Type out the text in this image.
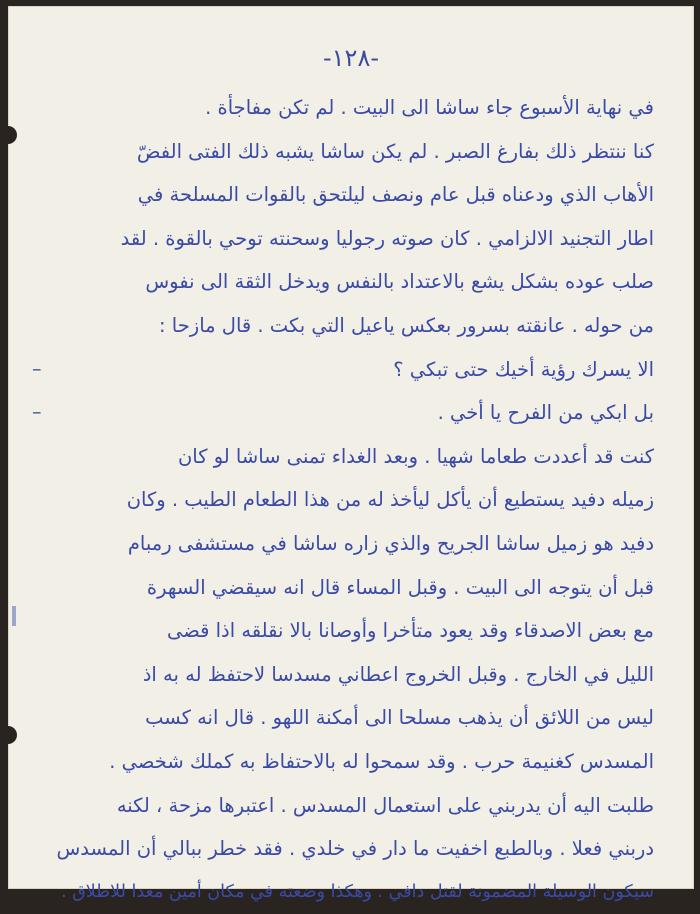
-١٢٨-
في نهاية الأسبوع جاء ساشا الى البيت . لم تكن مفاجأة .
كنا ننتظر ذلك بفارغ الصبر . لم يكن ساشا يشبه ذلك الفتى الفضّ
الأهاب الذي ودعناه قبل عام ونصف ليلتحق بالقوات المسلحة في
اطار التجنيد الالزامي . كان صوته رجوليا وسحنته توحي بالقوة . لقد
صلب عوده بشكل يشع بالاعتداد بالنفس ويدخل الثقة الى نفوس
من حوله . عانقته بسرور بعكس ياعيل التي بكت . قال مازحا :
الا يسرك رؤية أخيك حتى تبكي ؟
–
بل ابكي من الفرح يا أخي .
–
كنت قد أعددت طعاما شهيا . وبعد الغداء تمنى ساشا لو كان
زميله دفيد يستطيع أن يأكل ليأخذ له من هذا الطعام الطيب . وكان
دفيد هو زميل ساشا الجريح والذي زاره ساشا في مستشفى رمبام
قبل أن يتوجه الى البيت . وقبل المساء قال انه سيقضي السهرة
مع بعض الاصدقاء وقد يعود متأخرا وأوصانا بالا نقلقه اذا قضى
الليل في الخارج . وقبل الخروج اعطاني مسدسا لاحتفظ له به اذ
ليس من اللائق أن يذهب مسلحا الى أمكنة اللهو . قال انه كسب
المسدس كغنيمة حرب . وقد سمحوا له بالاحتفاظ به كملك شخصي .
طلبت اليه أن يدربني على استعمال المسدس . اعتبرها مزحة ، لكنه
دربني فعلا . وبالطبع اخفيت ما دار في خلدي . فقد خطر ببالي أن المسدس
سيكون الوسيلة المضمونة لقتل دافي . وهكذا وضعته في مكان أمين معدا للاطلاق .
